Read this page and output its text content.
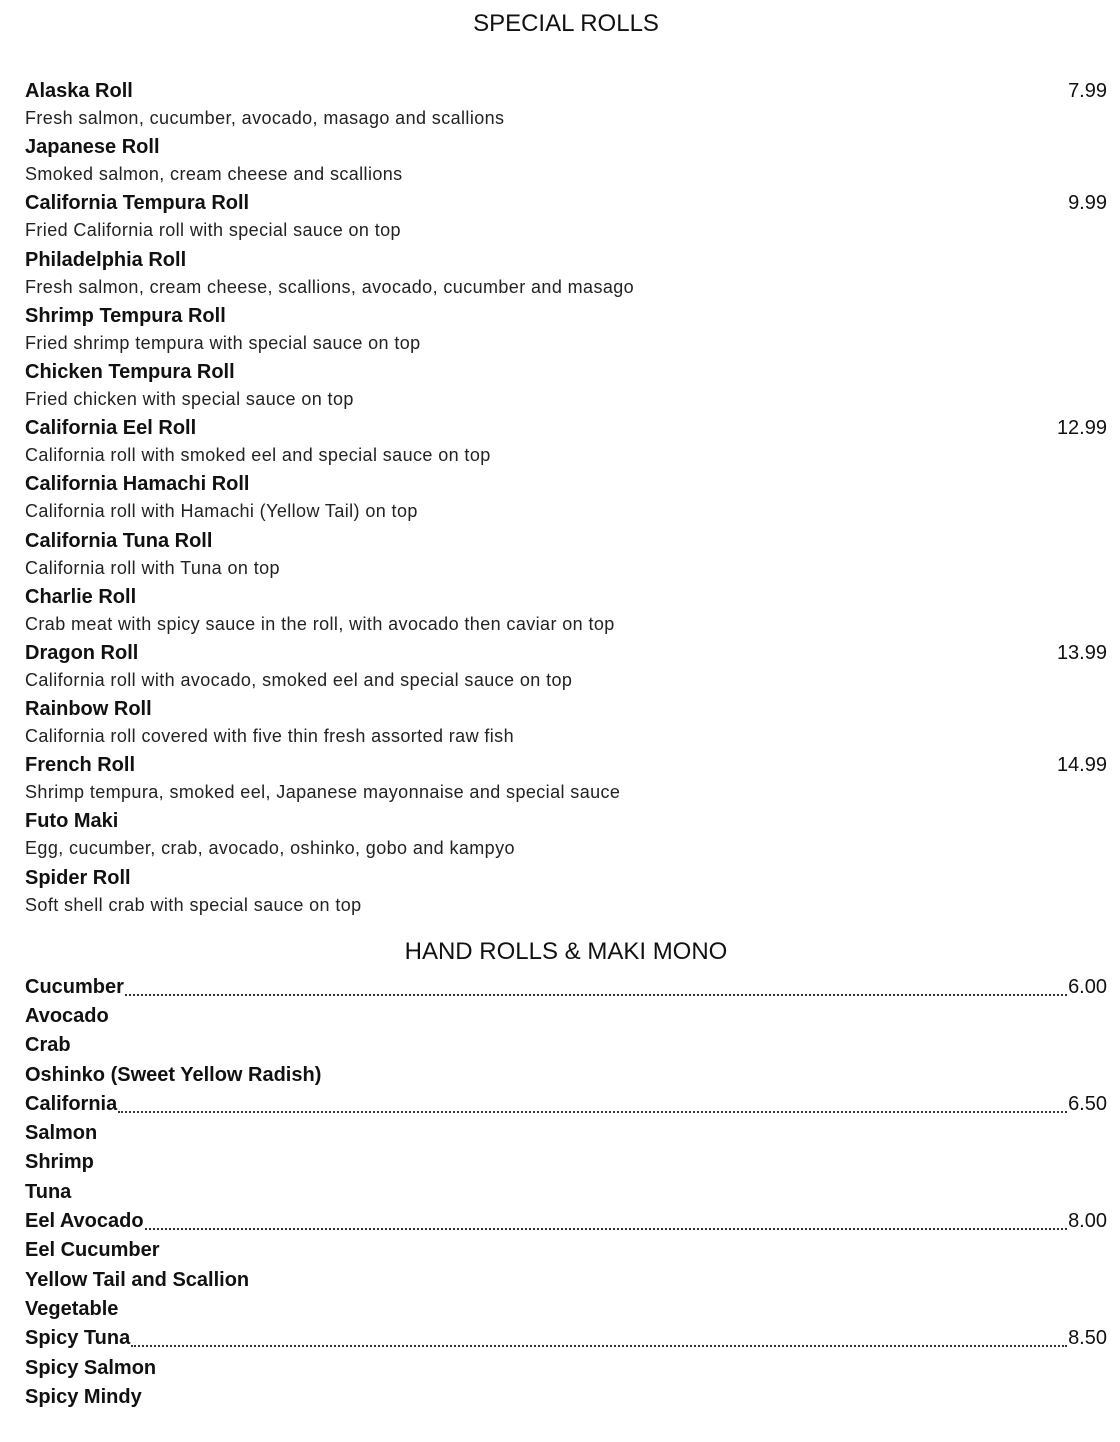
SPECIAL ROLLS
Alaska Roll	7.99
Fresh salmon, cucumber, avocado, masago and scallions
Japanese Roll
Smoked salmon, cream cheese and scallions
California Tempura Roll	9.99
Fried California roll with special sauce on top
Philadelphia Roll
Fresh salmon, cream cheese, scallions, avocado, cucumber and masago
Shrimp Tempura Roll
Fried shrimp tempura with special sauce on top
Chicken Tempura Roll
Fried chicken with special sauce on top
California Eel Roll	12.99
California roll with smoked eel and special sauce on top
California Hamachi Roll
California roll with Hamachi (Yellow Tail) on top
California Tuna Roll
California roll with Tuna on top
Charlie Roll
Crab meat with spicy sauce in the roll, with avocado then caviar on top
Dragon Roll	13.99
California roll with avocado, smoked eel and special sauce on top
Rainbow Roll
California roll covered with five thin fresh assorted raw fish
French Roll	14.99
Shrimp tempura, smoked eel, Japanese mayonnaise and special sauce
Futo Maki
Egg, cucumber, crab, avocado, oshinko, gobo and kampyo
Spider Roll
Soft shell crab with special sauce on top
HAND ROLLS & MAKI MONO
Cucumber	6.00
Avocado
Crab
Oshinko (Sweet Yellow Radish)
California	6.50
Salmon
Shrimp
Tuna
Eel Avocado	8.00
Eel Cucumber
Yellow Tail and Scallion
Vegetable
Spicy Tuna	8.50
Spicy Salmon
Spicy Mindy
